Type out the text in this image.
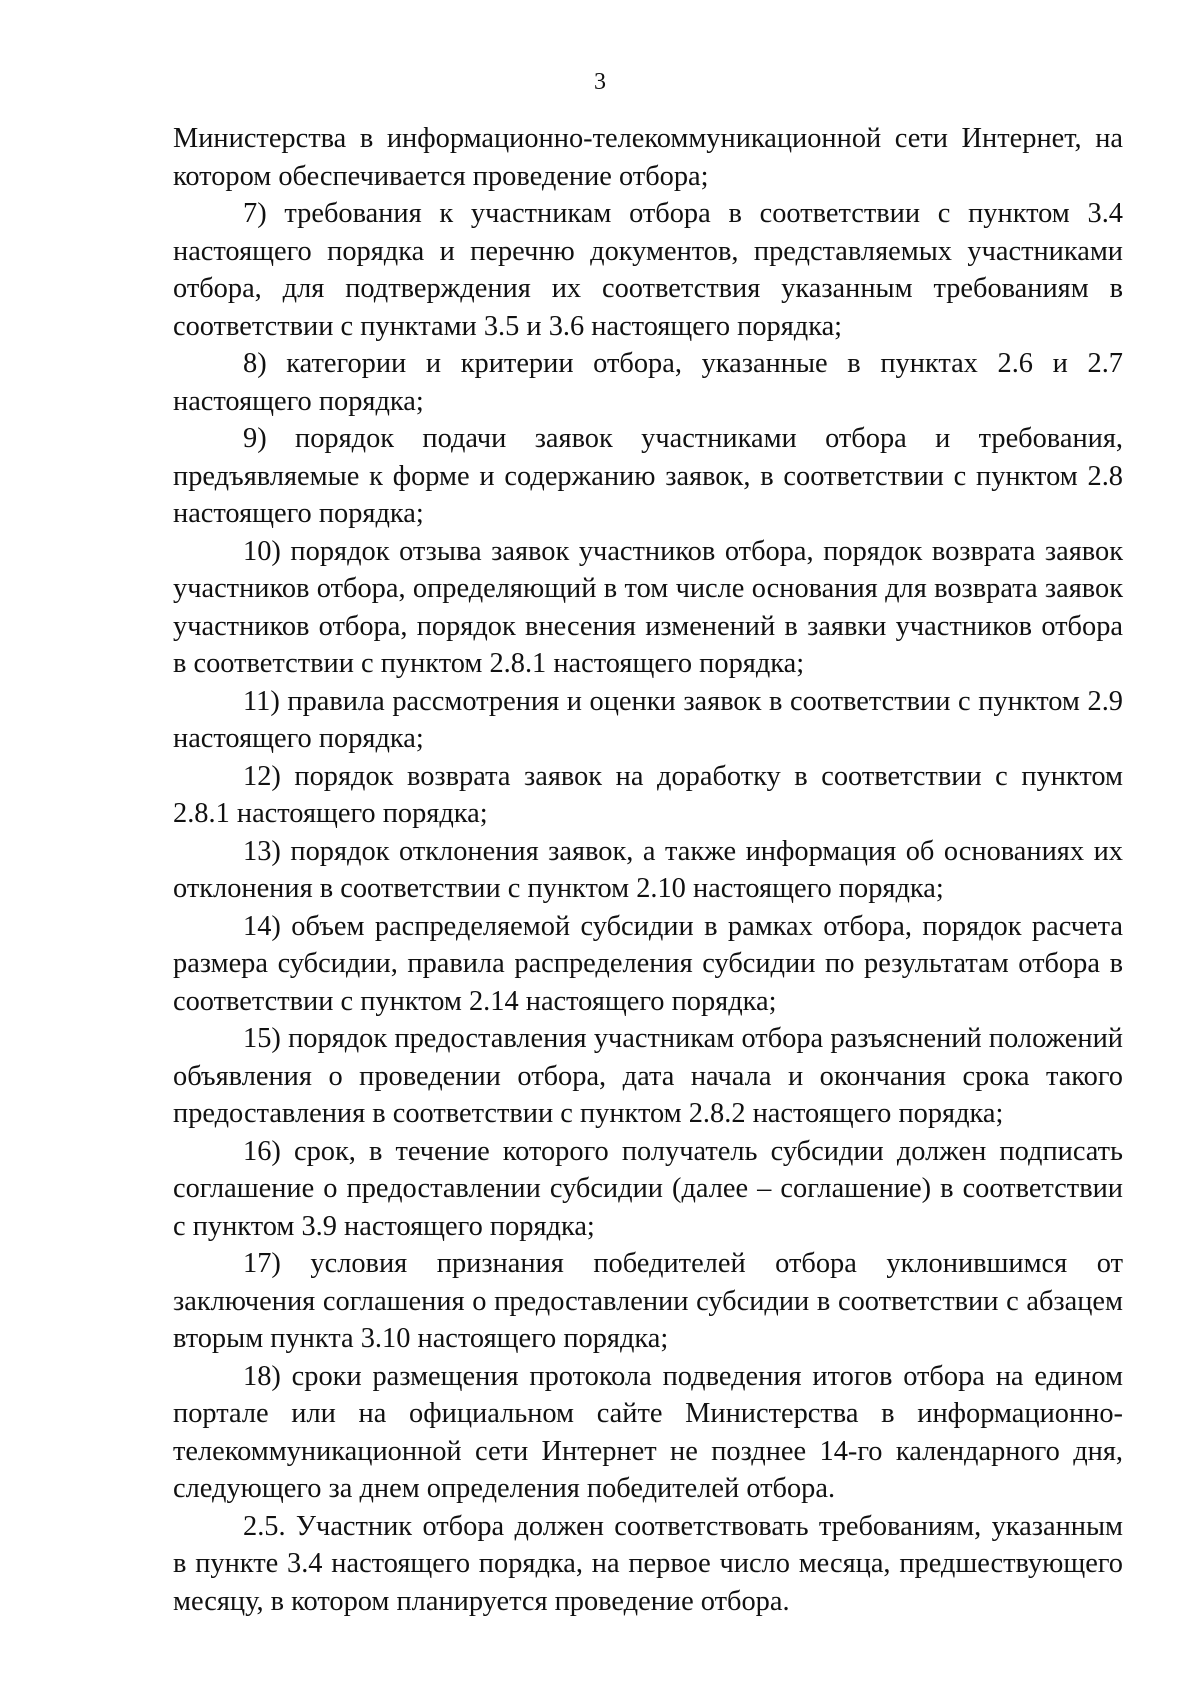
3

Министерства в информационно-телекоммуникационной сети Интернет, на котором обеспечивается проведение отбора;

7) требования к участникам отбора в соответствии с пунктом 3.4 настоящего порядка и перечню документов, представляемых участниками отбора, для подтверждения их соответствия указанным требованиям в соответствии с пунктами 3.5 и 3.6 настоящего порядка;

8) категории и критерии отбора, указанные в пунктах 2.6 и 2.7 настоящего порядка;

9) порядок подачи заявок участниками отбора и требования, предъявляемые к форме и содержанию заявок, в соответствии с пунктом 2.8 настоящего порядка;

10) порядок отзыва заявок участников отбора, порядок возврата заявок участников отбора, определяющий в том числе основания для возврата заявок участников отбора, порядок внесения изменений в заявки участников отбора в соответствии с пунктом 2.8.1 настоящего порядка;

11) правила рассмотрения и оценки заявок в соответствии с пунктом 2.9 настоящего порядка;

12) порядок возврата заявок на доработку в соответствии с пунктом 2.8.1 настоящего порядка;

13) порядок отклонения заявок, а также информация об основаниях их отклонения в соответствии с пунктом 2.10 настоящего порядка;

14) объем распределяемой субсидии в рамках отбора, порядок расчета размера субсидии, правила распределения субсидии по результатам отбора в соответствии с пунктом 2.14 настоящего порядка;

15) порядок предоставления участникам отбора разъяснений положений объявления о проведении отбора, дата начала и окончания срока такого предоставления в соответствии с пунктом 2.8.2 настоящего порядка;

16) срок, в течение которого получатель субсидии должен подписать соглашение о предоставлении субсидии (далее – соглашение) в соответствии с пунктом 3.9 настоящего порядка;

17) условия признания победителей отбора уклонившимся от заключения соглашения о предоставлении субсидии в соответствии с абзацем вторым пункта 3.10 настоящего порядка;

18) сроки размещения протокола подведения итогов отбора на едином портале или на официальном сайте Министерства в информационно-телекоммуникационной сети Интернет не позднее 14-го календарного дня, следующего за днем определения победителей отбора.

2.5. Участник отбора должен соответствовать требованиям, указанным в пункте 3.4 настоящего порядка, на первое число месяца, предшествующего месяцу, в котором планируется проведение отбора.
